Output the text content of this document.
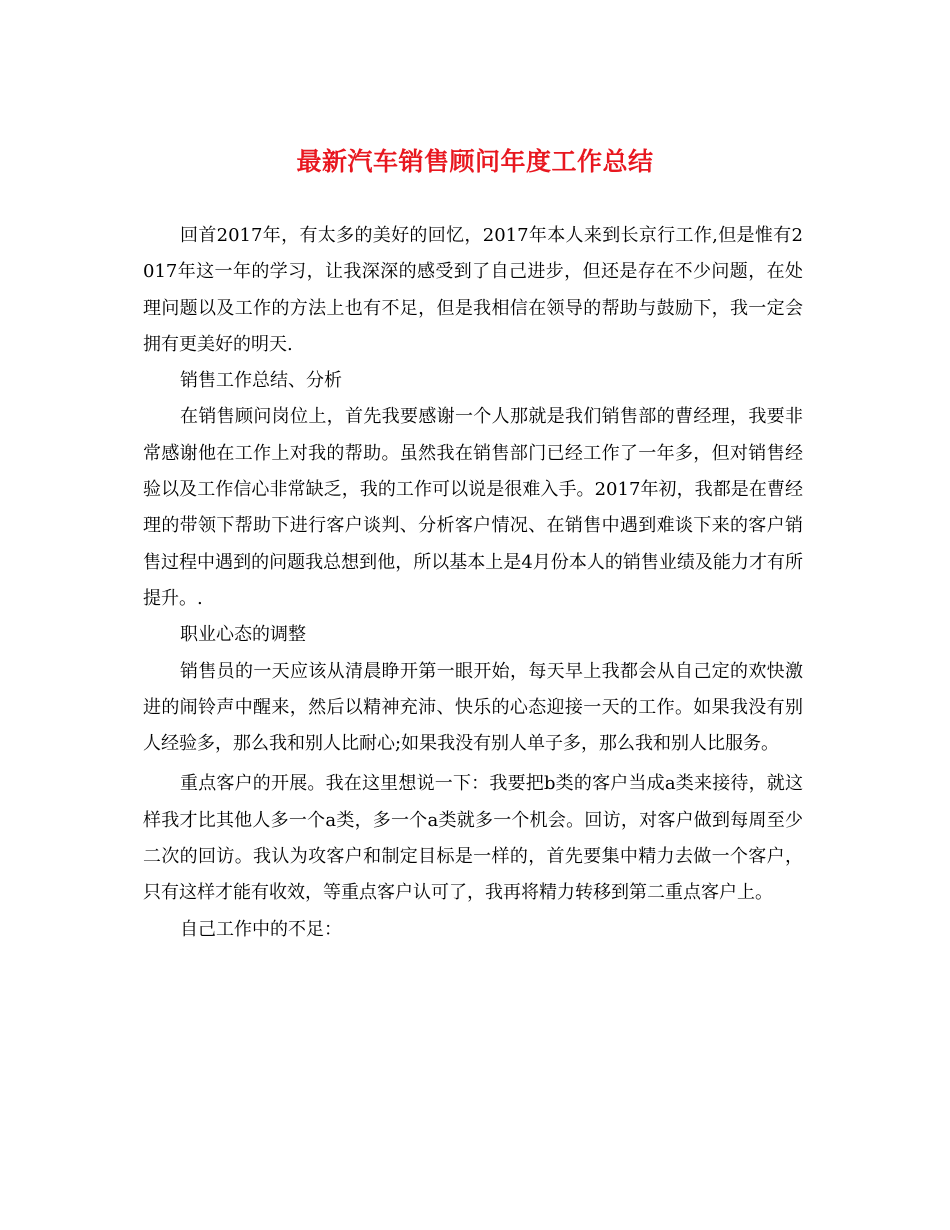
最新汽车销售顾问年度工作总结

回首2017年，有太多的美好的回忆，2017年本人来到长京行工作,但是惟有2017年这一年的学习，让我深深的感受到了自己进步，但还是存在不少问题，在处理问题以及工作的方法上也有不足，但是我相信在领导的帮助与鼓励下，我一定会拥有更美好的明天.

销售工作总结、分析

在销售顾问岗位上，首先我要感谢一个人那就是我们销售部的曹经理，我要非常感谢他在工作上对我的帮助。虽然我在销售部门已经工作了一年多，但对销售经验以及工作信心非常缺乏，我的工作可以说是很难入手。2017年初，我都是在曹经理的带领下帮助下进行客户谈判、分析客户情况、在销售中遇到难谈下来的客户销售过程中遇到的问题我总想到他，所以基本上是4月份本人的销售业绩及能力才有所提升。.

职业心态的调整

销售员的一天应该从清晨睁开第一眼开始，每天早上我都会从自己定的欢快激进的闹铃声中醒来，然后以精神充沛、快乐的心态迎接一天的工作。如果我没有别人经验多，那么我和别人比耐心;如果我没有别人单子多，那么我和别人比服务。

重点客户的开展。我在这里想说一下：我要把b类的客户当成a类来接待，就这样我才比其他人多一个a类，多一个a类就多一个机会。回访，对客户做到每周至少二次的回访。我认为攻客户和制定目标是一样的，首先要集中精力去做一个客户，只有这样才能有收效，等重点客户认可了，我再将精力转移到第二重点客户上。

自己工作中的不足：
